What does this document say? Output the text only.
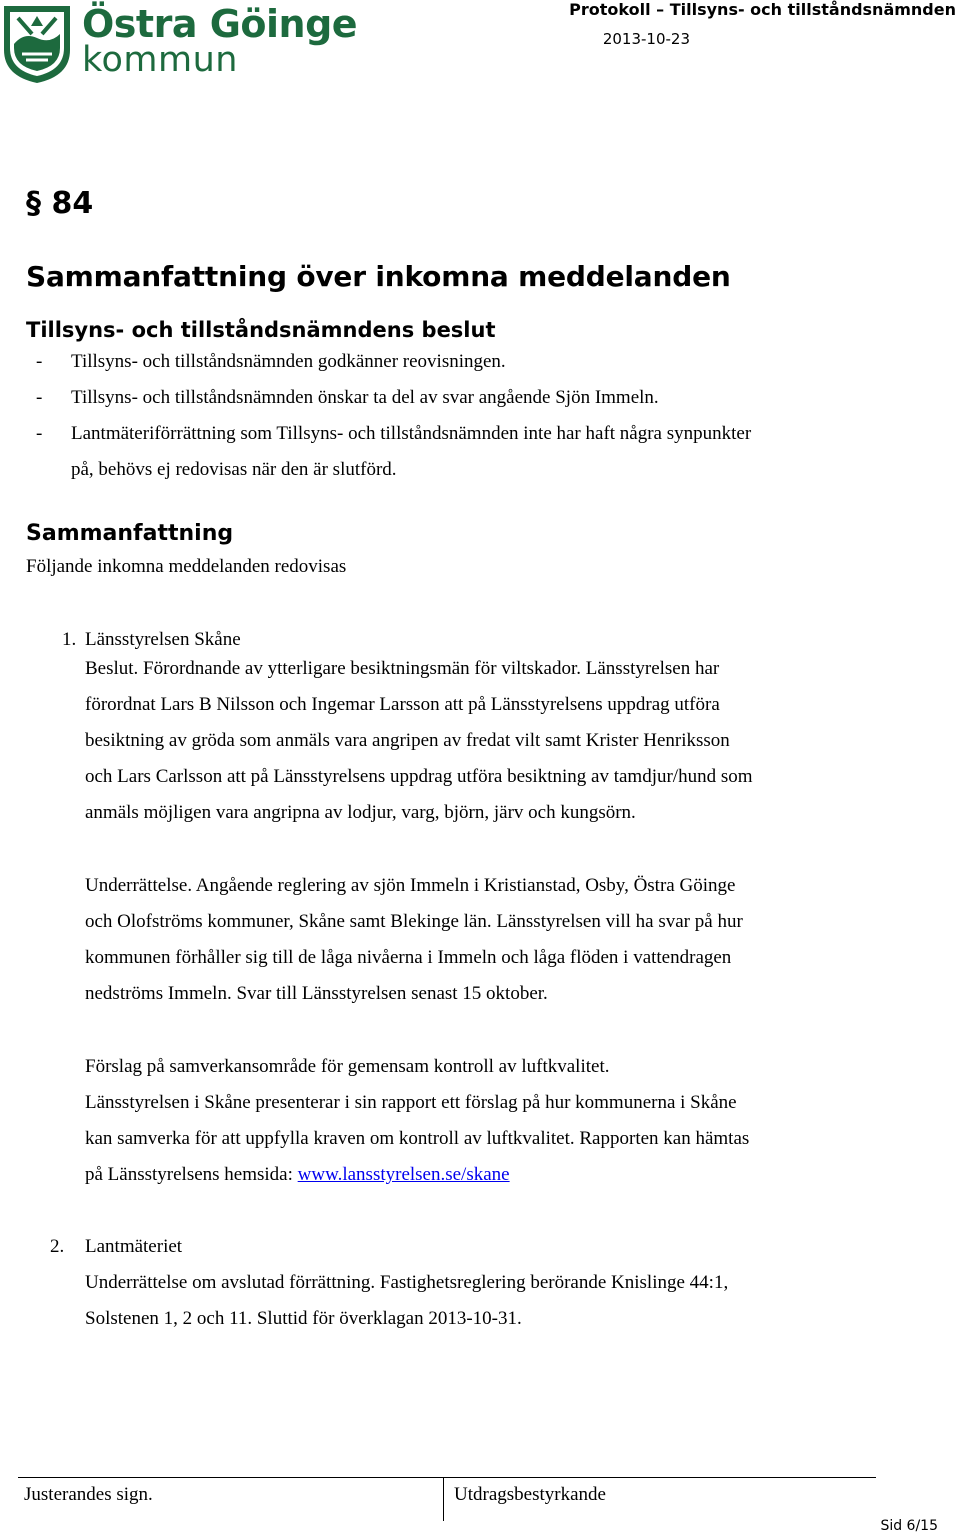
Östra Göinge
kommun
Protokoll – Tillsyns- och tillståndsnämnden
2013-10-23
§ 84
Sammanfattning över inkomna meddelanden
Tillsyns- och tillståndsnämndens beslut
- Tillsyns- och tillståndsnämnden godkänner reovisningen.
- Tillsyns- och tillståndsnämnden önskar ta del av svar angående Sjön Immeln.
- Lantmäteriförrättning som Tillsyns- och tillståndsnämnden inte har haft några synpunkter
på, behövs ej redovisas när den är slutförd.
Sammanfattning
Följande inkomna meddelanden redovisas
1. Länsstyrelsen Skåne
Beslut. Förordnande av ytterligare besiktningsmän för viltskador. Länsstyrelsen har
förordnat Lars B Nilsson och Ingemar Larsson att på Länsstyrelsens uppdrag utföra
besiktning av gröda som anmäls vara angripen av fredat vilt samt Krister Henriksson
och Lars Carlsson att på Länsstyrelsens uppdrag utföra besiktning av tamdjur/hund som
anmäls möjligen vara angripna av lodjur, varg, björn, järv och kungsörn.
Underrättelse. Angående reglering av sjön Immeln i Kristianstad, Osby, Östra Göinge
och Olofströms kommuner, Skåne samt Blekinge län. Länsstyrelsen vill ha svar på hur
kommunen förhåller sig till de låga nivåerna i Immeln och låga flöden i vattendragen
nedströms Immeln. Svar till Länsstyrelsen senast 15 oktober.
Förslag på samverkansområde för gemensam kontroll av luftkvalitet.
Länsstyrelsen i Skåne presenterar i sin rapport ett förslag på hur kommunerna i Skåne
kan samverka för att uppfylla kraven om kontroll av luftkvalitet. Rapporten kan hämtas
på Länsstyrelsens hemsida: www.lansstyrelsen.se/skane
2. Lantmäteriet
Underrättelse om avslutad förrättning. Fastighetsreglering berörande Knislinge 44:1,
Solstenen 1, 2 och 11. Sluttid för överklagan 2013-10-31.
Justerandes sign.	Utdragsbestyrkande
Sid 6/15
